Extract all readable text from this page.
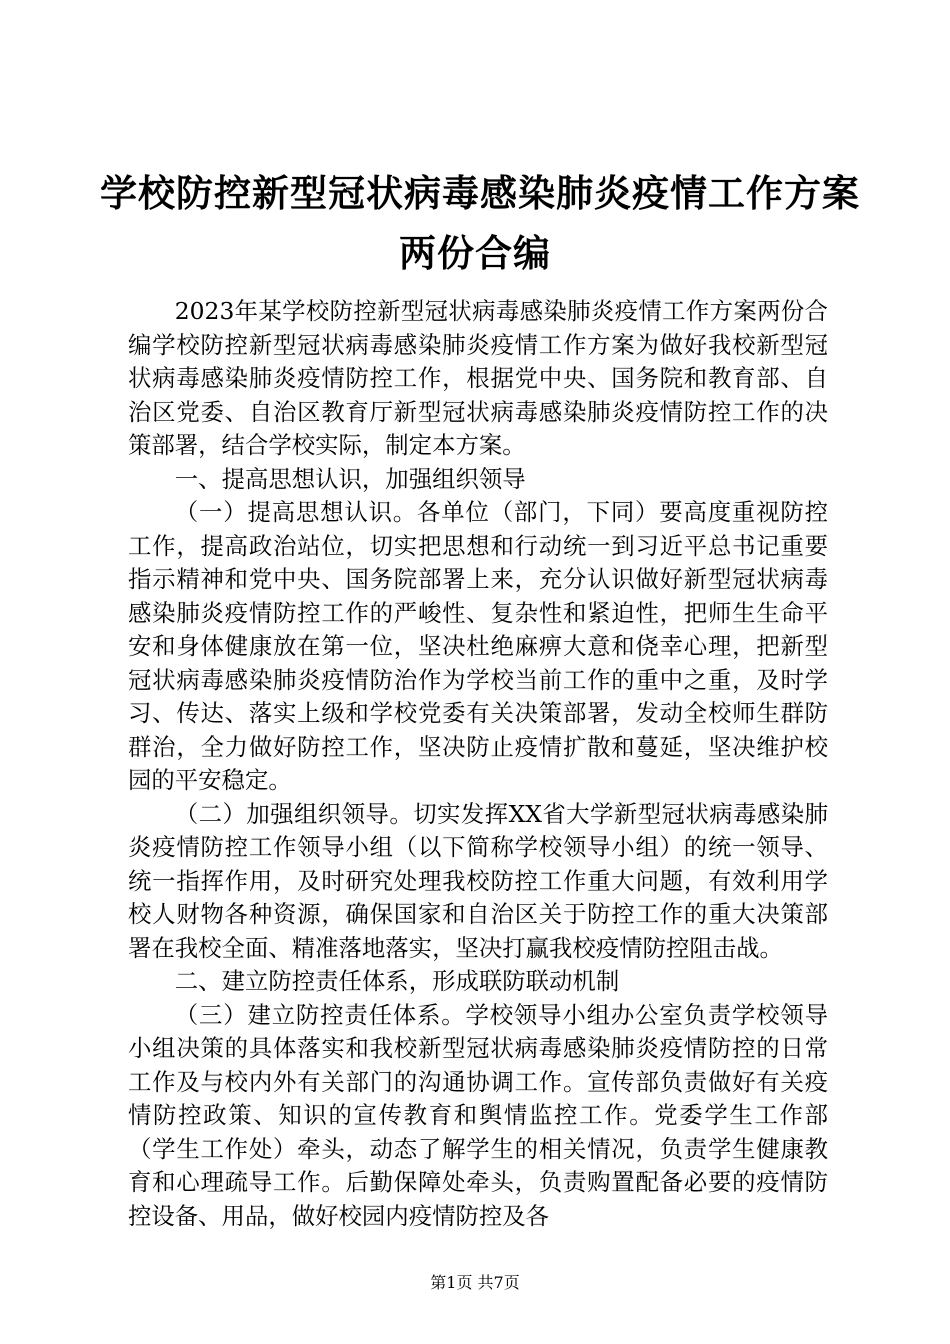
学校防控新型冠状病毒感染肺炎疫情工作方案
两份合编

2023年某学校防控新型冠状病毒感染肺炎疫情工作方案两份合编学校防控新型冠状病毒感染肺炎疫情工作方案为做好我校新型冠状病毒感染肺炎疫情防控工作，根据党中央、国务院和教育部、自治区党委、自治区教育厅新型冠状病毒感染肺炎疫情防控工作的决策部署，结合学校实际，制定本方案。

一、提高思想认识，加强组织领导

（一）提高思想认识。各单位（部门，下同）要高度重视防控工作，提高政治站位，切实把思想和行动统一到习近平总书记重要指示精神和党中央、国务院部署上来，充分认识做好新型冠状病毒感染肺炎疫情防控工作的严峻性、复杂性和紧迫性，把师生生命平安和身体健康放在第一位，坚决杜绝麻痹大意和侥幸心理，把新型冠状病毒感染肺炎疫情防治作为学校当前工作的重中之重，及时学习、传达、落实上级和学校党委有关决策部署，发动全校师生群防群治，全力做好防控工作，坚决防止疫情扩散和蔓延，坚决维护校园的平安稳定。

（二）加强组织领导。切实发挥XX省大学新型冠状病毒感染肺炎疫情防控工作领导小组（以下简称学校领导小组）的统一领导、统一指挥作用，及时研究处理我校防控工作重大问题，有效利用学校人财物各种资源，确保国家和自治区关于防控工作的重大决策部署在我校全面、精准落地落实，坚决打赢我校疫情防控阻击战。

二、建立防控责任体系，形成联防联动机制

（三）建立防控责任体系。学校领导小组办公室负责学校领导小组决策的具体落实和我校新型冠状病毒感染肺炎疫情防控的日常工作及与校内外有关部门的沟通协调工作。宣传部负责做好有关疫情防控政策、知识的宣传教育和舆情监控工作。党委学生工作部（学生工作处）牵头，动态了解学生的相关情况，负责学生健康教育和心理疏导工作。后勤保障处牵头，负责购置配备必要的疫情防控设备、用品，做好校园内疫情防控及各

第1页 共7页
